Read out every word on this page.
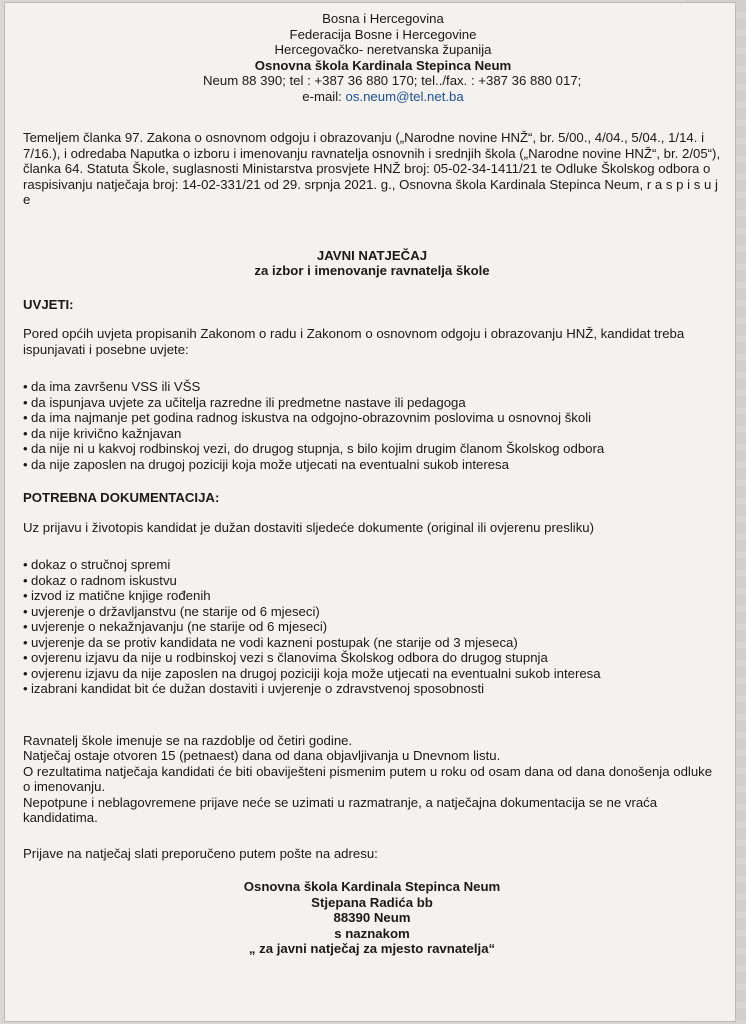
Bosna i Hercegovina
Federacija Bosne i Hercegovine
Hercegovačko- neretvanska županija
Osnovna škola Kardinala Stepinca Neum
Neum 88 390; tel : +387 36 880 170; tel../fax. : +387 36 880 017;
e-mail: os.neum@tel.net.ba

Temeljem članka 97. Zakona o osnovnom odgoju i obrazovanju („Narodne novine HNŽ“, br. 5/00., 4/04., 5/04., 1/14. i 7/16.), i odredaba Naputka o izboru i imenovanju ravnatelja osnovnih i srednjih škola („Narodne novine HNŽ“, br. 2/05“), članka 64. Statuta Škole, suglasnosti Ministarstva prosvjete HNŽ broj: 05-02-34-1411/21 te Odluke Školskog odbora o raspisivanju natječaja broj: 14-02-331/21 od 29. srpnja 2021. g., Osnovna škola Kardinala Stepinca Neum, r a s p i s u j e

JAVNI NATJEČAJ
za izbor i imenovanje ravnatelja škole
UVJETI:

Pored općih uvjeta propisanih Zakonom o radu i Zakonom o osnovnom odgoju i obrazovanju HNŽ, kandidat treba ispunjavati i posebne uvjete:

• da ima završenu VSS ili VŠS
• da ispunjava uvjete za učitelja razredne ili predmetne nastave ili pedagoga
• da ima najmanje pet godina radnog iskustva na odgojno-obrazovnim poslovima u osnovnoj školi
• da nije krivično kažnjavan
• da nije ni u kakvoj rodbinskoj vezi, do drugog stupnja, s bilo kojim drugim članom Školskog odbora
• da nije zaposlen na drugoj poziciji koja može utjecati na eventualni sukob interesa
POTREBNA DOKUMENTACIJA:

Uz prijavu i životopis kandidat je dužan dostaviti sljedeće dokumente (original ili ovjerenu presliku)

• dokaz o stručnoj spremi
• dokaz o radnom iskustvu
• izvod iz matične knjige rođenih
• uvjerenje o državljanstvu (ne starije od 6 mjeseci)
• uvjerenje o nekažnjavanju (ne starije od 6 mjeseci)
• uvjerenje da se protiv kandidata ne vodi kazneni postupak (ne starije od 3 mjeseca)
• ovjerenu izjavu da nije u rodbinskoj vezi s članovima Školskog odbora do drugog stupnja
• ovjerenu izjavu da nije zaposlen na drugoj poziciji koja može utjecati na eventualni sukob interesa
• izabrani kandidat bit će dužan dostaviti i uvjerenje o zdravstvenoj sposobnosti

Ravnatelj škole imenuje se na razdoblje od četiri godine.

Natječaj ostaje otvoren 15 (petnaest) dana od dana objavljivanja u Dnevnom listu.

O rezultatima natječaja kandidati će biti obaviješteni pismenim putem u roku od osam dana od dana donošenja odluke o imenovanju.

Nepotpune i neblagovremene prijave neće se uzimati u razmatranje, a natječajna dokumentacija se ne vraća kandidatima.

Prijave na natječaj slati preporučeno putem pošte na adresu:

Osnovna škola Kardinala Stepinca Neum
Stjepana Radića bb
88390 Neum
s naznakom
„ za javni natječaj za mjesto ravnatelja“
